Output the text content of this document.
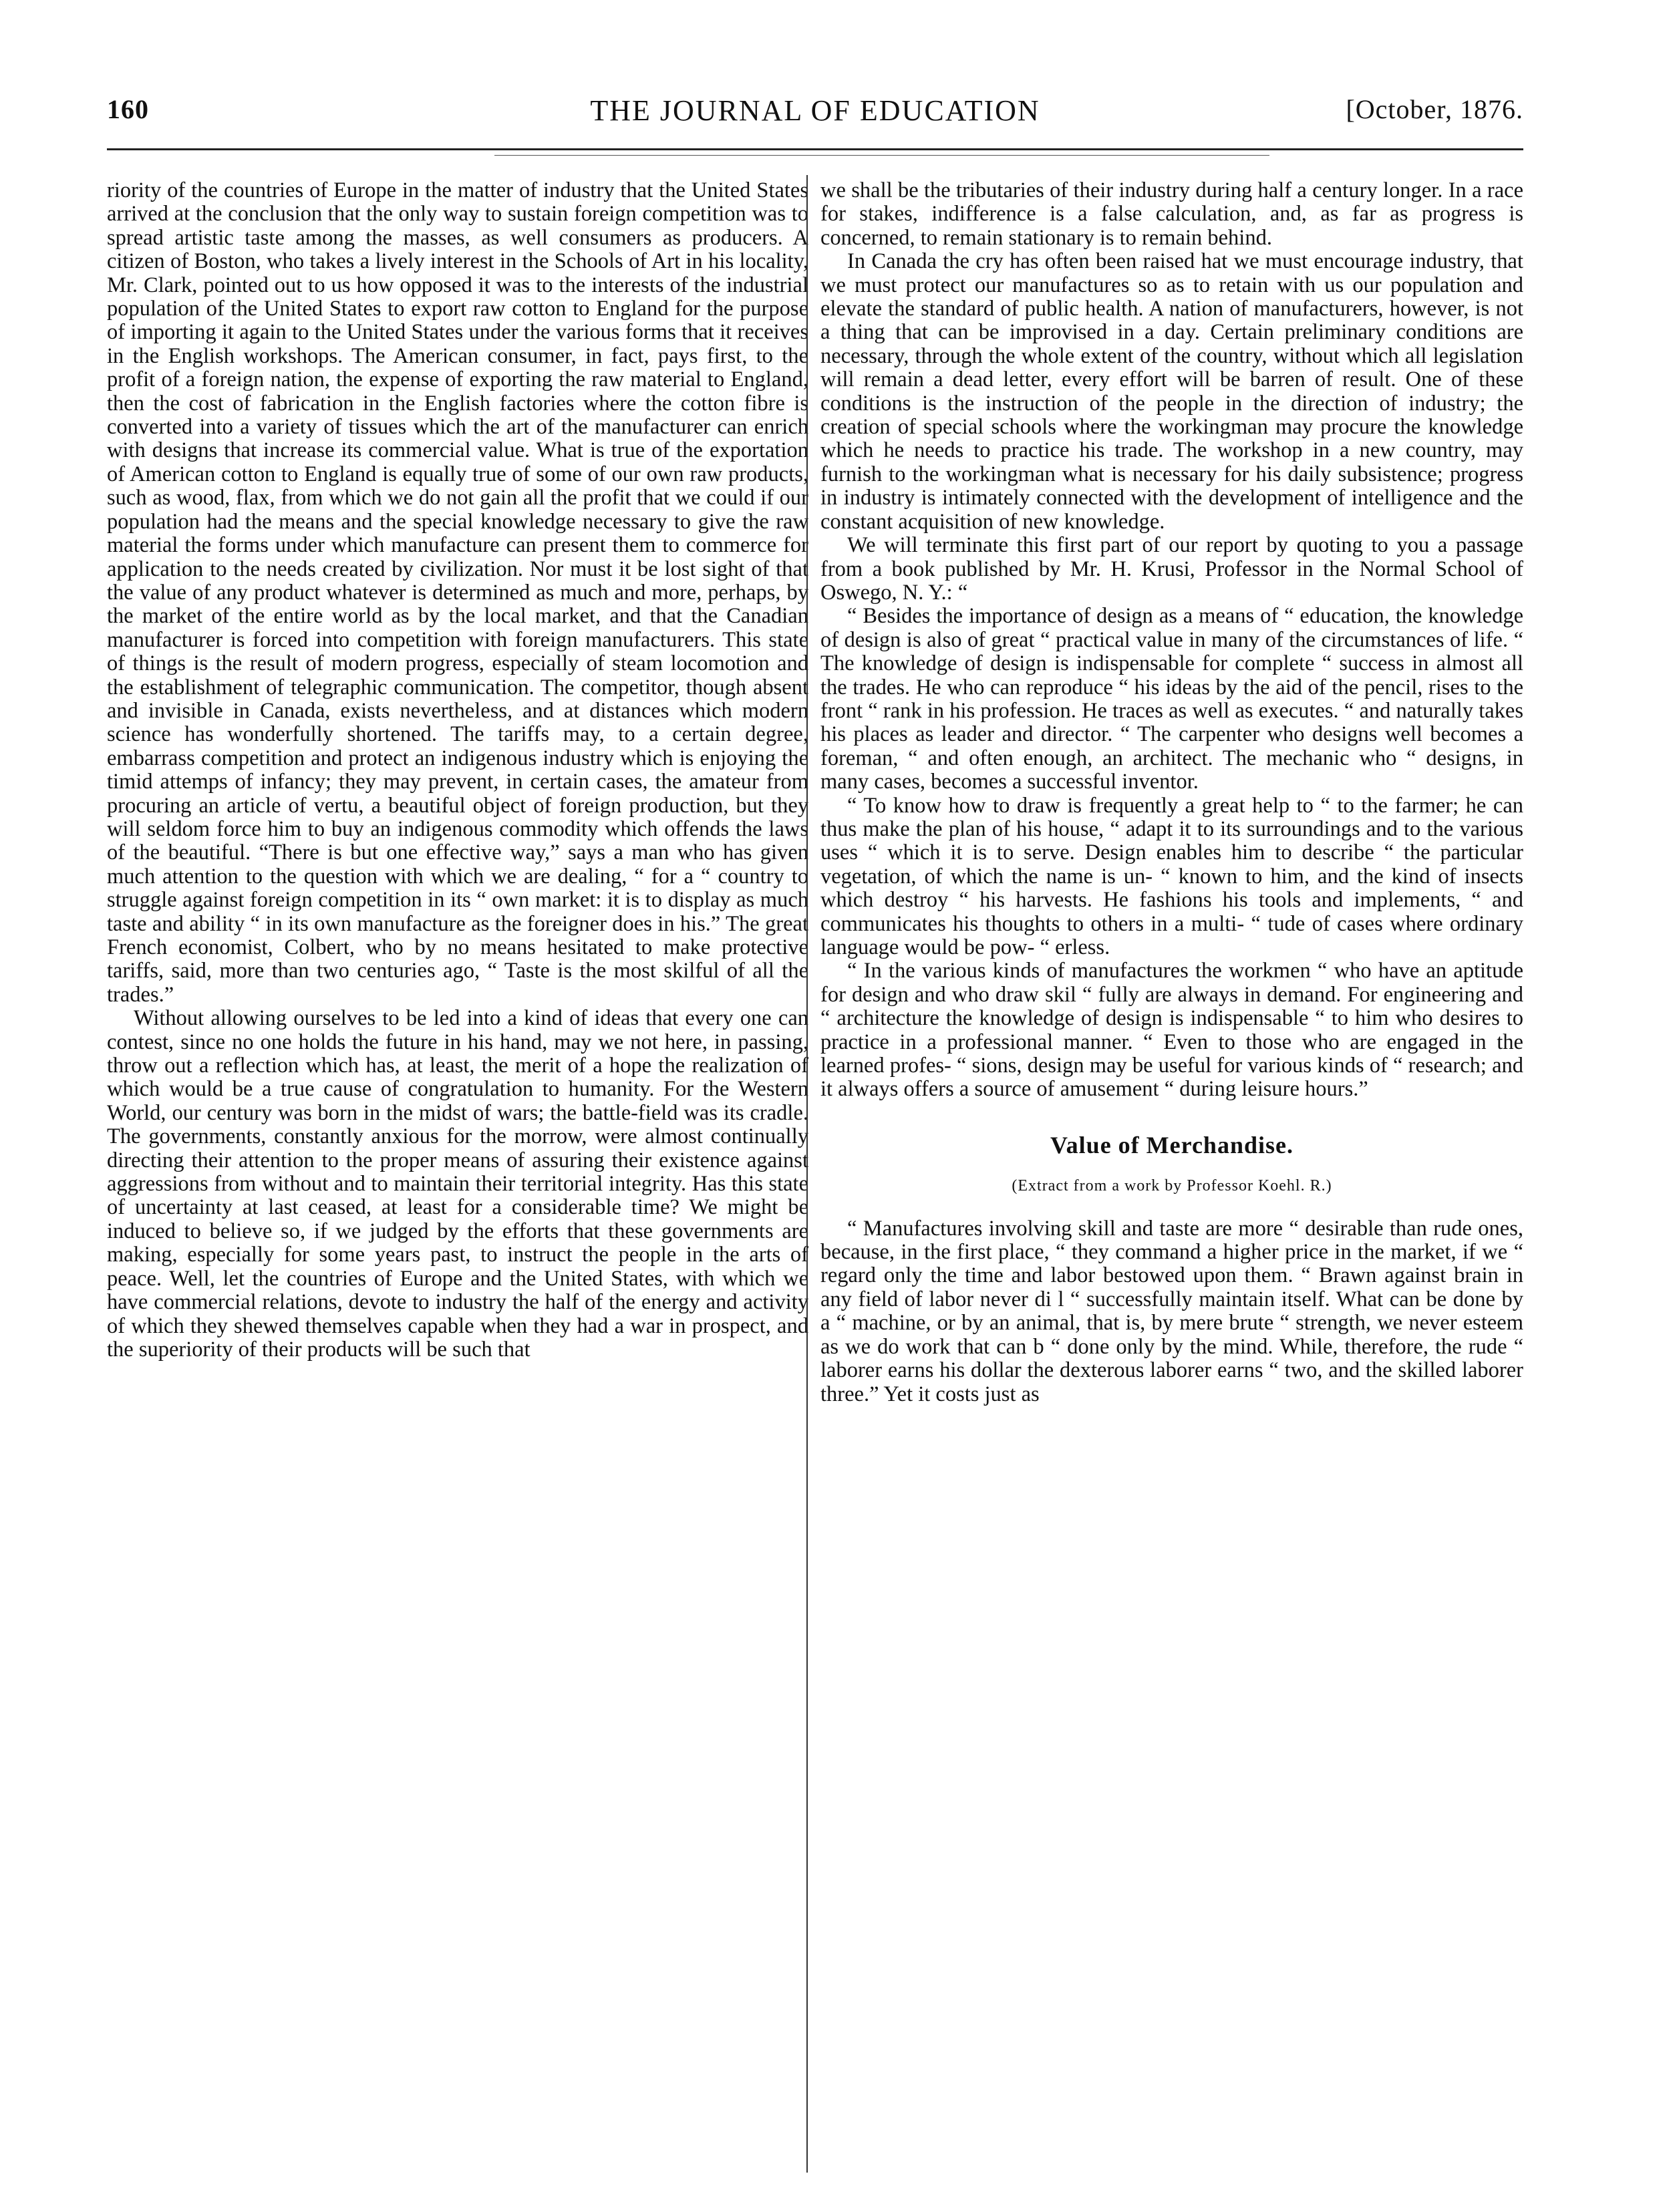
160	THE JOURNAL OF EDUCATION	[October, 1876.

riority of the countries of Europe in the matter of industry that the United States arrived at the conclusion that the only way to sustain foreign competition was to spread artistic taste among the masses, as well consumers as producers. A citizen of Boston, who takes a lively interest in the Schools of Art in his locality, Mr. Clark, pointed out to us how opposed it was to the interests of the industrial population of the United States to export raw cotton to England for the purpose of importing it again to the United States under the various forms that it receives in the English workshops. The American consumer, in fact, pays first, to the profit of a foreign nation, the expense of exporting the raw material to England, then the cost of fabrication in the English factories where the cotton fibre is converted into a variety of tissues which the art of the manufacturer can enrich with designs that increase its commercial value. What is true of the exportation of American cotton to England is equally true of some of our own raw products, such as wood, flax, from which we do not gain all the profit that we could if our population had the means and the special knowledge necessary to give the raw material the forms under which manufacture can present them to commerce for application to the needs created by civilization. Nor must it be lost sight of that the value of any product whatever is determined as much and more, perhaps, by the market of the entire world as by the local market, and that the Canadian manufacturer is forced into competition with foreign manufacturers. This state of things is the result of modern progress, especially of steam locomotion and the establishment of telegraphic communication. The competitor, though absent and invisible in Canada, exists nevertheless, and at distances which modern science has wonderfully shortened. The tariffs may, to a certain degree, embarrass competition and protect an indigenous industry which is enjoying the timid attemps of infancy; they may prevent, in certain cases, the amateur from procuring an article of vertu, a beautiful object of foreign production, but they will seldom force him to buy an indigenous commodity which offends the laws of the beautiful. “There is but one effective way,” says a man who has given much attention to the question with which we are dealing, “ for a “ country to struggle against foreign competition in its “ own market: it is to display as much taste and ability “ in its own manufacture as the foreigner does in his.” The great French economist, Colbert, who by no means hesitated to make protective tariffs, said, more than two centuries ago, “ Taste is the most skilful of all the trades.”

Without allowing ourselves to be led into a kind of ideas that every one can contest, since no one holds the future in his hand, may we not here, in passing, throw out a reflection which has, at least, the merit of a hope the realization of which would be a true cause of congratulation to humanity. For the Western World, our century was born in the midst of wars; the battle-field was its cradle. The governments, constantly anxious for the morrow, were almost continually directing their attention to the proper means of assuring their existence against aggressions from without and to maintain their territorial integrity. Has this state of uncertainty at last ceased, at least for a considerable time? We might be induced to believe so, if we judged by the efforts that these governments are making, especially for some years past, to instruct the people in the arts of peace. Well, let the countries of Europe and the United States, with which we have commercial relations, devote to industry the half of the energy and activity of which they shewed themselves capable when they had a war in prospect, and the superiority of their products will be such that

we shall be the tributaries of their industry during half a century longer. In a race for stakes, indifference is a false calculation, and, as far as progress is concerned, to remain stationary is to remain behind.

In Canada the cry has often been raised hat we must encourage industry, that we must protect our manufactures so as to retain with us our population and elevate the standard of public health. A nation of manufacturers, however, is not a thing that can be improvised in a day. Certain preliminary conditions are necessary, through the whole extent of the country, without which all legislation will remain a dead letter, every effort will be barren of result. One of these conditions is the instruction of the people in the direction of industry; the creation of special schools where the workingman may procure the knowledge which he needs to practice his trade. The workshop in a new country, may furnish to the workingman what is necessary for his daily subsistence; progress in industry is intimately connected with the development of intelligence and the constant acquisition of new knowledge.

We will terminate this first part of our report by quoting to you a passage from a book published by Mr. H. Krusi, Professor in the Normal School of Oswego, N. Y.: “

“ Besides the importance of design as a means of “ education, the knowledge of design is also of great “ practical value in many of the circumstances of life. “ The knowledge of design is indispensable for complete “ success in almost all the trades. He who can reproduce “ his ideas by the aid of the pencil, rises to the front “ rank in his profession. He traces as well as executes. “ and naturally takes his places as leader and director. “ The carpenter who designs well becomes a foreman, “ and often enough, an architect. The mechanic who “ designs, in many cases, becomes a successful inventor.

“ To know how to draw is frequently a great help to “ to the farmer; he can thus make the plan of his house, “ adapt it to its surroundings and to the various uses “ which it is to serve. Design enables him to describe “ the particular vegetation, of which the name is un- “ known to him, and the kind of insects which destroy “ his harvests. He fashions his tools and implements, “ and communicates his thoughts to others in a multi- “ tude of cases where ordinary language would be pow- “ erless.

“ In the various kinds of manufactures the workmen “ who have an aptitude for design and who draw skil “ fully are always in demand. For engineering and “ architecture the knowledge of design is indispensable “ to him who desires to practice in a professional manner. “ Even to those who are engaged in the learned profes- “ sions, design may be useful for various kinds of “ research; and it always offers a source of amusement “ during leisure hours.”

Value of Merchandise.
(Extract from a work by Professor Koehl. R.)

“ Manufactures involving skill and taste are more “ desirable than rude ones, because, in the first place, “ they command a higher price in the market, if we “ regard only the time and labor bestowed upon them. “ Brawn against brain in any field of labor never di l “ successfully maintain itself. What can be done by a “ machine, or by an animal, that is, by mere brute “ strength, we never esteem as we do work that can b “ done only by the mind. While, therefore, the rude “ laborer earns his dollar the dexterous laborer earns “ two, and the skilled laborer three.” Yet it costs just as
